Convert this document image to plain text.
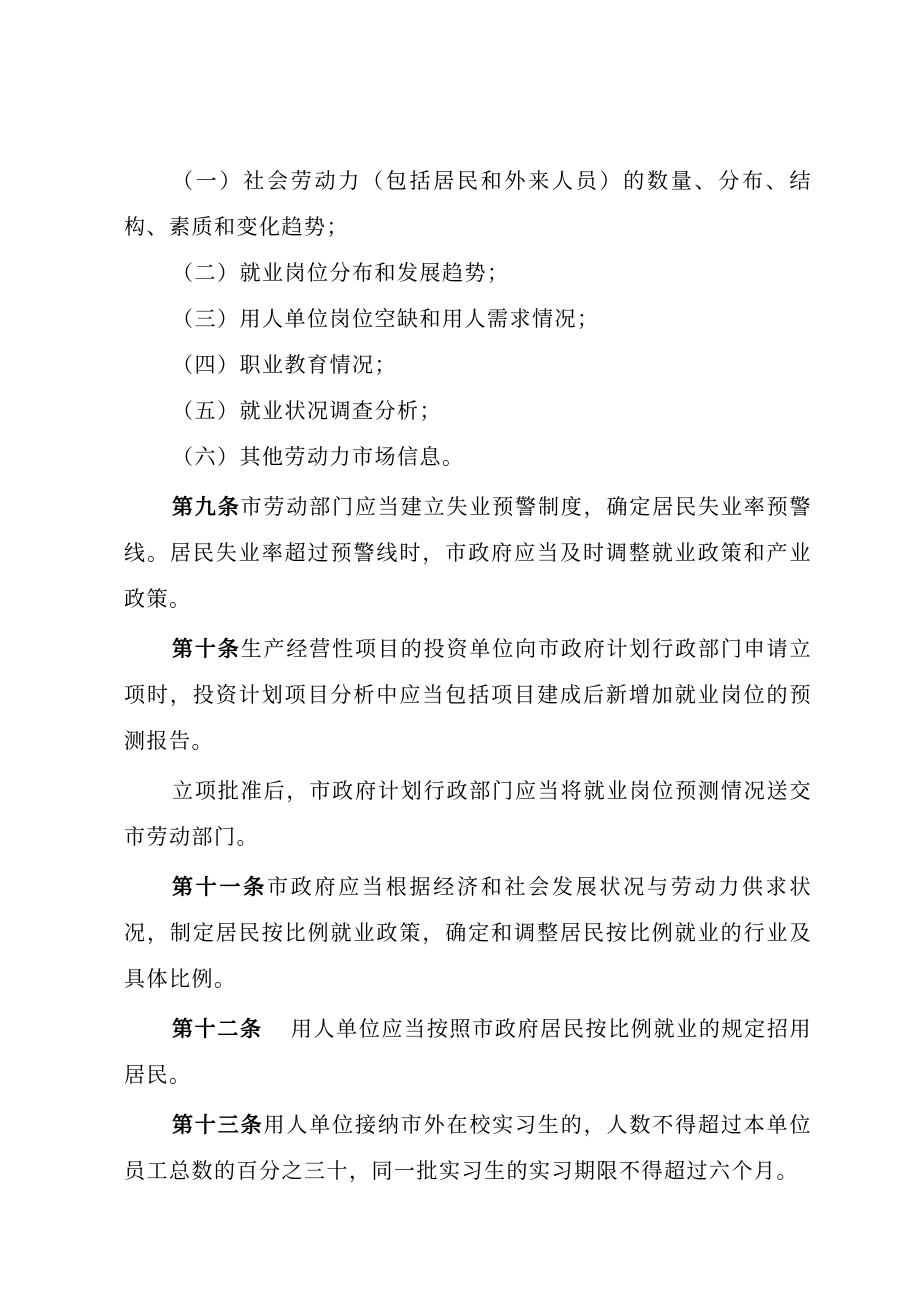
（一）社会劳动力（包括居民和外来人员）的数量、分布、结构、素质和变化趋势；

（二）就业岗位分布和发展趋势；

（三）用人单位岗位空缺和用人需求情况；

（四）职业教育情况；

（五）就业状况调查分析；

（六）其他劳动力市场信息。

第九条市劳动部门应当建立失业预警制度，确定居民失业率预警线。居民失业率超过预警线时，市政府应当及时调整就业政策和产业政策。

第十条生产经营性项目的投资单位向市政府计划行政部门申请立项时，投资计划项目分析中应当包括项目建成后新增加就业岗位的预测报告。

立项批准后，市政府计划行政部门应当将就业岗位预测情况送交市劳动部门。

第十一条市政府应当根据经济和社会发展状况与劳动力供求状况，制定居民按比例就业政策，确定和调整居民按比例就业的行业及具体比例。

第十二条 用人单位应当按照市政府居民按比例就业的规定招用居民。

第十三条用人单位接纳市外在校实习生的，人数不得超过本单位员工总数的百分之三十，同一批实习生的实习期限不得超过六个月。
